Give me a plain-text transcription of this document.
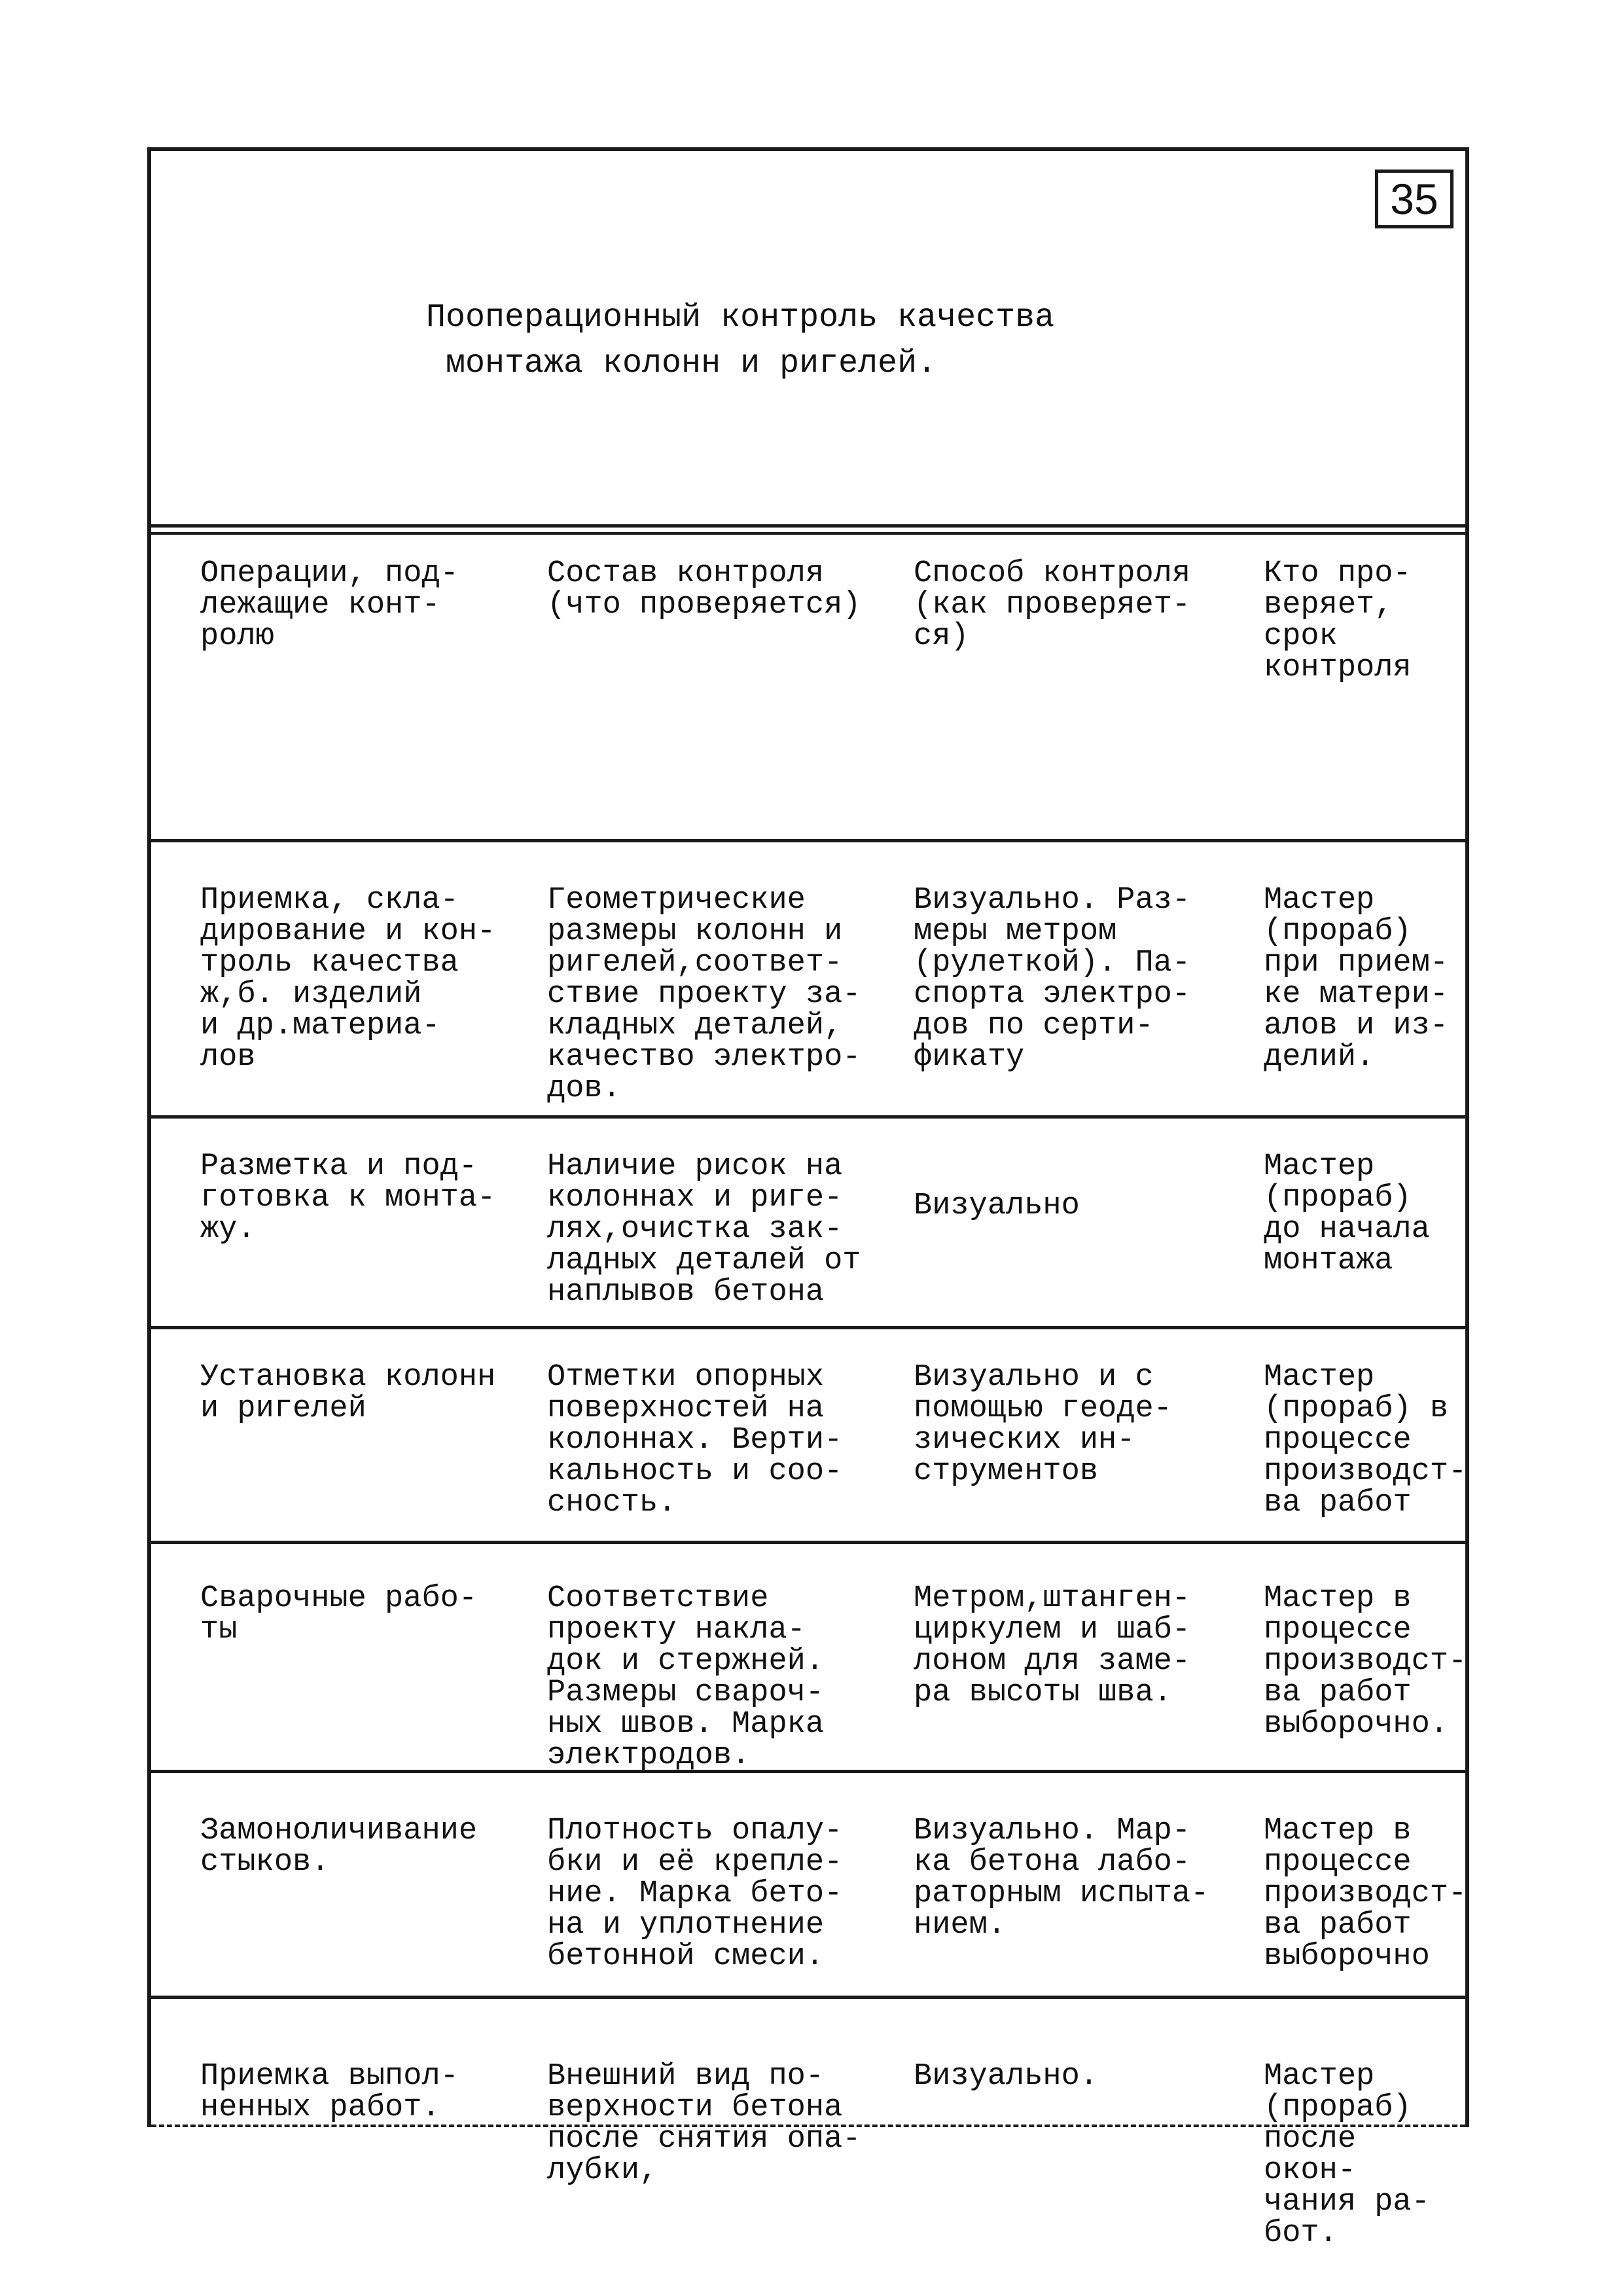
35
Пооперационный контроль качества
монтажа колонн и ригелей.
Операции, под-
лежащие конт-
ролю
Состав контроля
(что проверяется)
Способ контроля
(как проверяет-
ся)
Кто про-
веряет,
срок
контроля
Приемка, скла-
дирование и кон-
троль качества
ж,б. изделий
и др.материа-
лов
Геометрические
размеры колонн и
ригелей,соответ-
ствие проекту за-
кладных деталей,
качество электро-
дов.
Визуально. Раз-
меры метром
(рулеткой). Па-
спорта электро-
дов по серти-
фикату
Мастер
(прораб)
при прием-
ке матери-
алов и из-
делий.
Разметка и под-
готовка к монта-
жу.
Наличие рисок на
колоннах и риге-
лях,очистка зак-
ладных деталей от
наплывов бетона
Визуально
Мастер
(прораб)
до начала
монтажа
Установка колонн
и ригелей
Отметки опорных
поверхностей на
колоннах. Верти-
кальность и соо-
сность.
Визуально и с
помощью геоде-
зических ин-
струментов
Мастер
(прораб) в
процессе
производст-
ва работ
Сварочные рабо-
ты
Соответствие
проекту накла-
док и стержней.
Размеры свароч-
ных швов. Марка
электродов.
Метром,штанген-
циркулем и шаб-
лоном для заме-
ра высоты шва.
Мастер в
процессе
производст-
ва работ
выборочно.
Замоноличивание
стыков.
Плотность опалу-
бки и её крепле-
ние. Марка бето-
на и уплотнение
бетонной смеси.
Визуально. Мар-
ка бетона лабо-
раторным испыта-
нием.
Мастер в
процессе
производст-
ва работ
выборочно
Приемка выпол-
ненных работ.
Внешний вид по-
верхности бетона
после снятия опа-
лубки,
Визуально.	Мастер
(прораб)
после окон-
чания ра-
бот.
